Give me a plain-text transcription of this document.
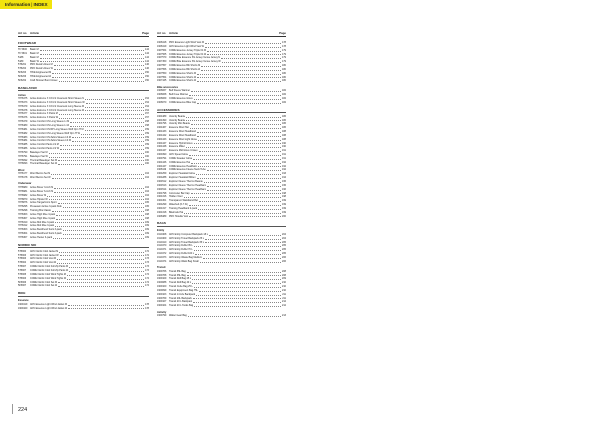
Information|INDEX
Art no	Article	Page
FOOTWEAR
TF 5600	Basin M	144
TF 5601	Basin M	144
5188	Basin M	144
5189	Basin W	144
5T5201	PRO Decal Unisex M	146
5T5204	PRO Decal Unisex W	146
5F5203	HIVE Engineered M	150
5F5206	HIVE Engineered W	150
5F5202	Craft Shower Boot Unisex	150
BASELAYER
Active
7878475	Active Extreme X CN LS Crewneck Short Sleeve M	154
7878473	Active Extreme X CN LS Crewneck Short Sleeve W	154
7878479	Active Extreme X CN LS Crewneck Long Sleeve M	154
7878478	Active Extreme X CN LS Crewneck Long Sleeve W	154
7878477	Active Extreme X Pants M	157
7878476	Active Extreme X Pants W	157
7878479	Active Comfort CN Long Sleeve Lt M	158
7878480	Active Comfort CN Long Sleeve Lt W	158
7878481	Active Comfort CN RP Long Sleeve Wolf Opt JT M	159
7878482	Active Comfort CN Long Sleeve Wolf Opt JT W	159
7878483	Active Comfort CN Zebra Sleeve LS M	159
7878484	Active Comfort CN Zebra Sleeve LS W	159
7878485	Active Comfort Pants LS M	159
7878486	Active Comfort Pants LS W	159
7878790	Baselayer Set M	160
7878791	Baselayer Set W	160
7878092	Thermal Baselayer Set M	160
7878093	Thermal Baselayer Set W	160
Wool
7878177	Wool Merino Set M	164
7878178	Wool Merino Set W	164
Underwear
7878980	Active Boxer 3-inch M	164
7878981	Active Boxer 6-inch M	164
7878982	Active Boxer M	164
7878870	Active Hipster W	164
7878876	Active Tanga/micro Sport	165
7878295	Preseason Active 3-pack Kids	165
7878298	Training Bra Classic	168
7878303	Active High Rise 3-pack	168
7878307	Active High Rise 3-pack	168
7878310	Active Mid Rise 3-pack	169
7878312	Active Mid Rise 3-pack	169
7878303	Active Bestfriend Sock 3-pack	169
7878304	Active Bestfriend Sock 3-pack	169
7878307	Active Hester 3-pack	169
NORDIC SKI
5T5900	ADV Nordic Club Jacket M	172
5T5903	ADV Nordic Club Jacket W	172
5T5903	ADV Nordic Club Vest M	173
5T5904	ADV Nordic Club Vest W	173
5T5907	CORE Nordic Club Full Zip Pants M	173
5T5907	CORE Nordic Club Full Zip Pants W	173
5T5905	CORE Nordic Club Wind Tights M	174
5T5903	CORE Nordic Club Wind Tights W	174
5F5906	CORE Nordic Club Set M	174
5F5907	CORE Nordic Club Set W	174
BIKE
Essence
1909419	ADV Essence Light Wind Jacket M	178
1909420	ADV Essence Light Wind Jacket W	178
Art no	Article	Page
1908418	PRO Essence Light Wind Vest M	178
1908419	ADV Essence Light Wind Vest W	178
1907564	CORE Essence Jersey Triple Fit M	179
1907565	CORE Essence Jersey Triple Fit W	179
1907570	CORE Bike Essence SS Jersey Venue Jersey M	179
1907450	CORE Bike Essence SS Jersey Venue Jersey W	179
1907557	CORE Essence Bib Shorts M	180
1907556	CORE Essence Bib Shorts W	180
1907550	CORE Essence Shorts M	180
1907554	CORE Essence Shorts W	180
1907445	CORE Essence Shorts W	180
Bike accessories
1908067	Bell Sleeve Warmer	182
1908068	Bell Knee Warmer	182
1908069	CORE Essence Glove	182
1908070	CORE Essence Bike Cap	182
ACCESSORIES
1904489	Velocity Beanie	186
1904490	Velocity Beanie	186
1904796	Velocity Mini Beanie	186
1904467	Essence Wool Hat	186
1904433	Essence Wool Headband	188
1904442	Essence Wool Headband	188
1904443	Essence Wool Light Glove	188
1904447	Essence Hybrid Glove	190
1904448	Essence Mitten	190
1904447	Essence Mid Glove Unisex	191
1909490	ADV Speed Glove	191
1909794	CORE Sweater Glove	191
1904446	CORE Essence Hat	192
1904447	CORE Essence Headband	192
1908119	CORE Essence Fleece Neck Tube	192
1904259	Explorer Headwall Glove	193
1904288	Explorer Headwall Mitten	194
1904512	Explorer Fleece Thermo Beanie	195
1904513	Explorer Fleece Thermo Headband	195
1904514	Explorer Fleece Thermo Headband	196
1904798	Commuter Bar Cap	198
1904316	Hidden Visor	198
1904301	Transparent Waistband Belt	199
1904299	Waterbelt (6-7 FL)	199
1904317	Training Headband 2-pack	199
1904318	Bikehook Hat	199
1908489	PRO Hotelite Vest	200
BAGS
Entity
1910408	ADV Entity Computer Backpack 18 L	204
1910409	ADV Entity Travel Backpack 25 L	204
1910410	ADV Entity Travel Backpack 35 L	205
1910470	ADV Entity Duffel 35 L	205
1910471	ADV Entity Duffel 70 L	205
1910472	ADV Entity Duffel 100 L	205
1910473	ADV Entity Waste Bag Medium	206
1910474	ADV Entity Waist Bag Small	206
Transit
1909766	Transit 65L Bag	208
1909768	Transit 35L Bag	208
1909109	Transit Roll Bag 25 L	209
1909088	Transit Roll Bag 40 L	210
1909100	Transit Cube Bag 25 L	210
1909099	Transit Equipment Bag 75L	210
1909103	Transit 14 Life Backpack	211
1909769	Transit 20L Backpack	211
1909107	Transit 20 L Backpack	212
1909104	Transit 20 L Tooks Bag	212
Activity
1909799	Walter Gear Bag	213
224
